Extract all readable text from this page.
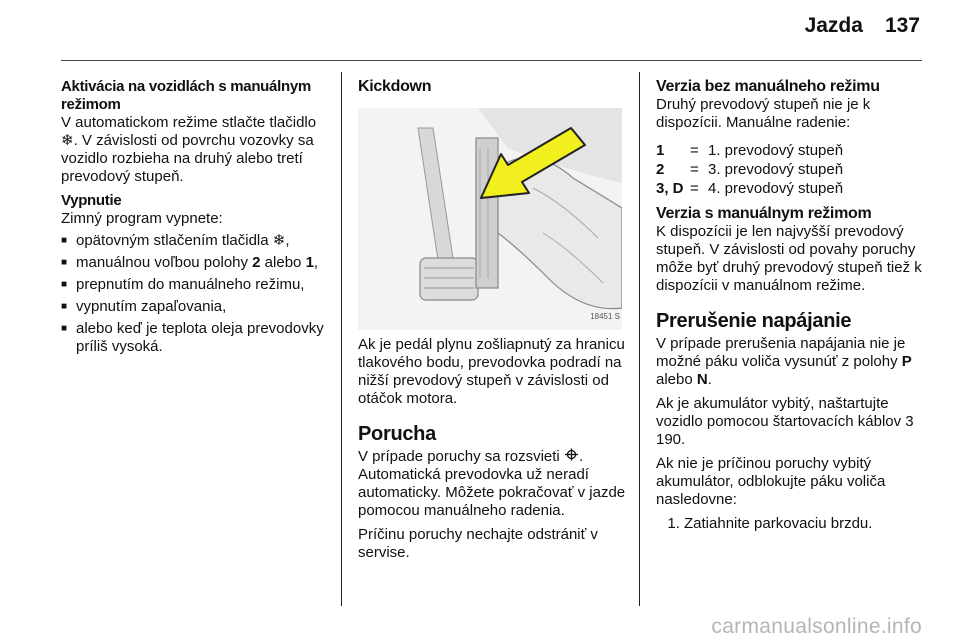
Jazda 137
Aktivácia na vozidlách s manuálnym režimom

V automatickom režime stlačte tlačidlo ❄. V závislosti od povrchu vozovky sa vozidlo rozbieha na druhý alebo tretí prevodový stupeň.

Vypnutie

Zimný program vypnete:

■ opätovným stlačením tlačidla ❄,
■ manuálnou voľbou polohy 2 alebo 1,
■ prepnutím do manuálneho režimu,
■ vypnutím zapaľovania,
■ alebo keď je teplota oleja prevodovky príliš vysoká.
Kickdown
18451 S

Ak je pedál plynu zošliapnutý za hranicu tlakového bodu, prevodovka podradí na nižší prevodový stupeň v závislosti od otáčok motora.

Porucha

V prípade poruchy sa rozsvieti . Automatická prevodovka už neradí automaticky. Môžete pokračovať v jazde pomocou manuálneho radenia.

Príčinu poruchy nechajte odstrániť v servise.

Verzia bez manuálneho režimu

Druhý prevodový stupeň nie je k dispozícii. Manuálne radenie:

1	=	1. prevodový stupeň
2	=	3. prevodový stupeň
3, D	=	4. prevodový stupeň
Verzia s manuálnym režimom

K dispozícii je len najvyšší prevodový stupeň. V závislosti od povahy poruchy môže byť druhý prevodový stupeň tiež k dispozícii v manuálnom režime.

Prerušenie napájanie

V prípade prerušenia napájania nie je možné páku voliča vysunúť z polohy P alebo N.

Ak je akumulátor vybitý, naštartujte vozidlo pomocou štartovacích káblov 3 190.

Ak nie je príčinou poruchy vybitý akumulátor, odblokujte páku voliča nasledovne:

1. Zatiahnite parkovaciu brzdu.
carmanualsonline.info
